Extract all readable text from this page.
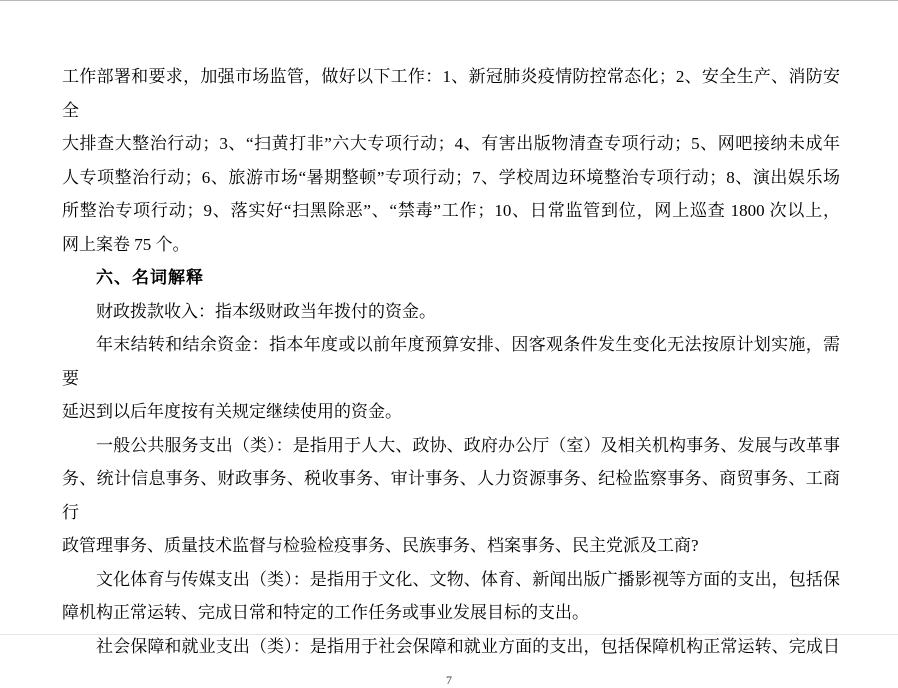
工作部署和要求，加强市场监管，做好以下工作：1、新冠肺炎疫情防控常态化；2、安全生产、消防安全
大排查大整治行动；3、“扫黄打非”六大专项行动；4、有害出版物清查专项行动；5、网吧接纳未成年
人专项整治行动；6、旅游市场“暑期整顿”专项行动；7、学校周边环境整治专项行动；8、演出娱乐场
所整治专项行动；9、落实好“扫黑除恶”、“禁毒”工作；10、日常监管到位，网上巡查 1800 次以上，
网上案卷 75 个。
六、名词解释
财政拨款收入：指本级财政当年拨付的资金。
年末结转和结余资金：指本年度或以前年度预算安排、因客观条件发生变化无法按原计划实施，需要
延迟到以后年度按有关规定继续使用的资金。
一般公共服务支出（类）：是指用于人大、政协、政府办公厅（室）及相关机构事务、发展与改革事
务、统计信息事务、财政事务、税收事务、审计事务、人力资源事务、纪检监察事务、商贸事务、工商行
政管理事务、质量技术监督与检验检疫事务、民族事务、档案事务、民主党派及工商?
文化体育与传媒支出（类）：是指用于文化、文物、体育、新闻出版广播影视等方面的支出，包括保
障机构正常运转、完成日常和特定的工作任务或事业发展目标的支出。
社会保障和就业支出（类）：是指用于社会保障和就业方面的支出，包括保障机构正常运转、完成日
7
